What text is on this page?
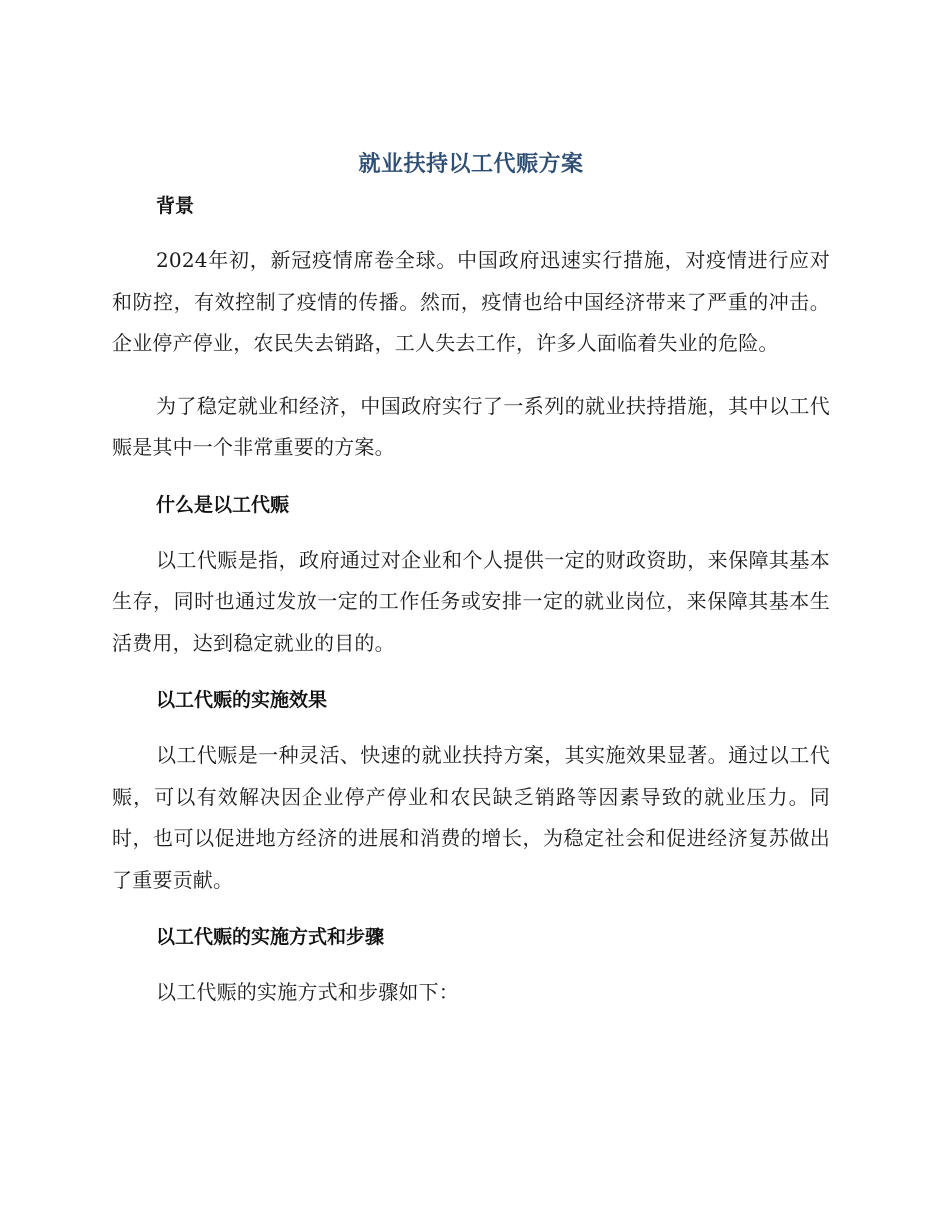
就业扶持以工代赈方案
背景

2024年初，新冠疫情席卷全球。中国政府迅速实行措施，对疫情进行应对和防控，有效控制了疫情的传播。然而，疫情也给中国经济带来了严重的冲击。企业停产停业，农民失去销路，工人失去工作，许多人面临着失业的危险。

为了稳定就业和经济，中国政府实行了一系列的就业扶持措施，其中以工代赈是其中一个非常重要的方案。

什么是以工代赈

以工代赈是指，政府通过对企业和个人提供一定的财政资助，来保障其基本生存，同时也通过发放一定的工作任务或安排一定的就业岗位，来保障其基本生活费用，达到稳定就业的目的。

以工代赈的实施效果

以工代赈是一种灵活、快速的就业扶持方案，其实施效果显著。通过以工代赈，可以有效解决因企业停产停业和农民缺乏销路等因素导致的就业压力。同时，也可以促进地方经济的进展和消费的增长，为稳定社会和促进经济复苏做出了重要贡献。

以工代赈的实施方式和步骤

以工代赈的实施方式和步骤如下：
